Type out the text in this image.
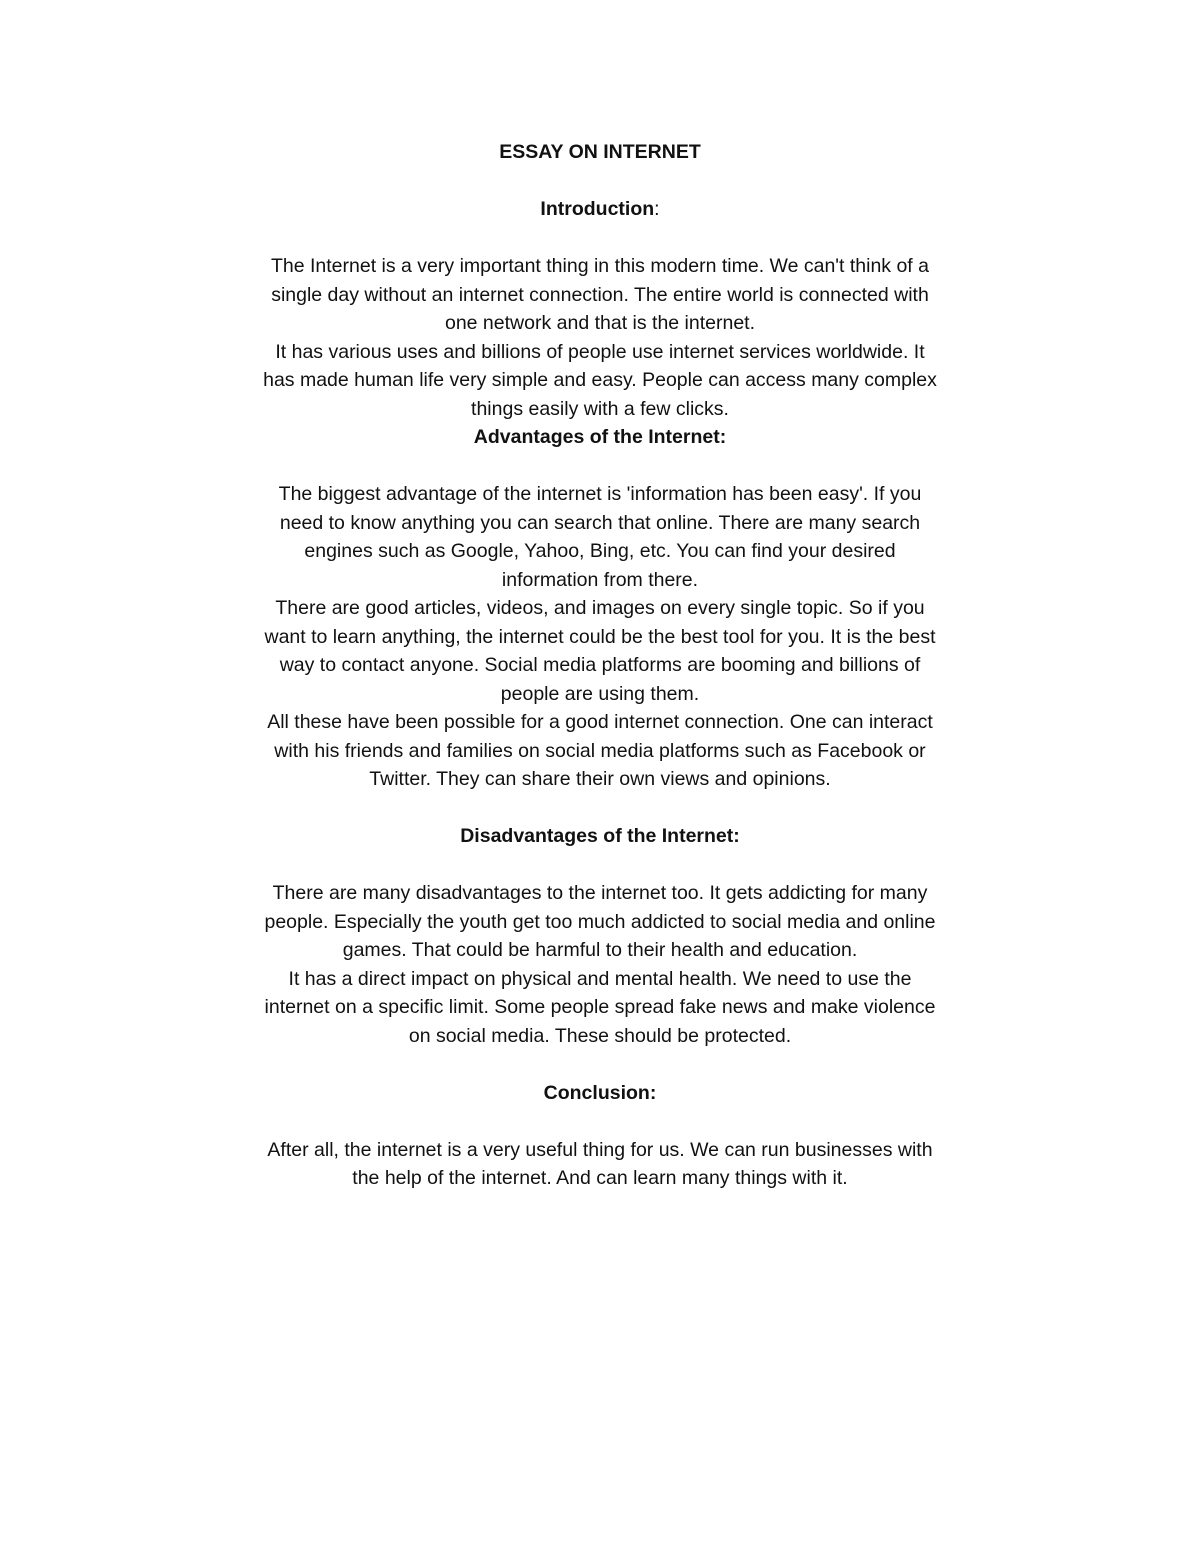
ESSAY ON INTERNET

Introduction:

The Internet is a very important thing in this modern time. We can't think of a single day without an internet connection. The entire world is connected with one network and that is the internet.

It has various uses and billions of people use internet services worldwide. It has made human life very simple and easy. People can access many complex things easily with a few clicks.

Advantages of the Internet:

The biggest advantage of the internet is 'information has been easy'. If you need to know anything you can search that online. There are many search engines such as Google, Yahoo, Bing, etc. You can find your desired information from there.

There are good articles, videos, and images on every single topic. So if you want to learn anything, the internet could be the best tool for you. It is the best way to contact anyone. Social media platforms are booming and billions of people are using them.

All these have been possible for a good internet connection. One can interact with his friends and families on social media platforms such as Facebook or Twitter. They can share their own views and opinions.

Disadvantages of the Internet:

There are many disadvantages to the internet too. It gets addicting for many people. Especially the youth get too much addicted to social media and online games. That could be harmful to their health and education.

It has a direct impact on physical and mental health. We need to use the internet on a specific limit. Some people spread fake news and make violence on social media. These should be protected.

Conclusion:

After all, the internet is a very useful thing for us. We can run businesses with the help of the internet. And can learn many things with it.
